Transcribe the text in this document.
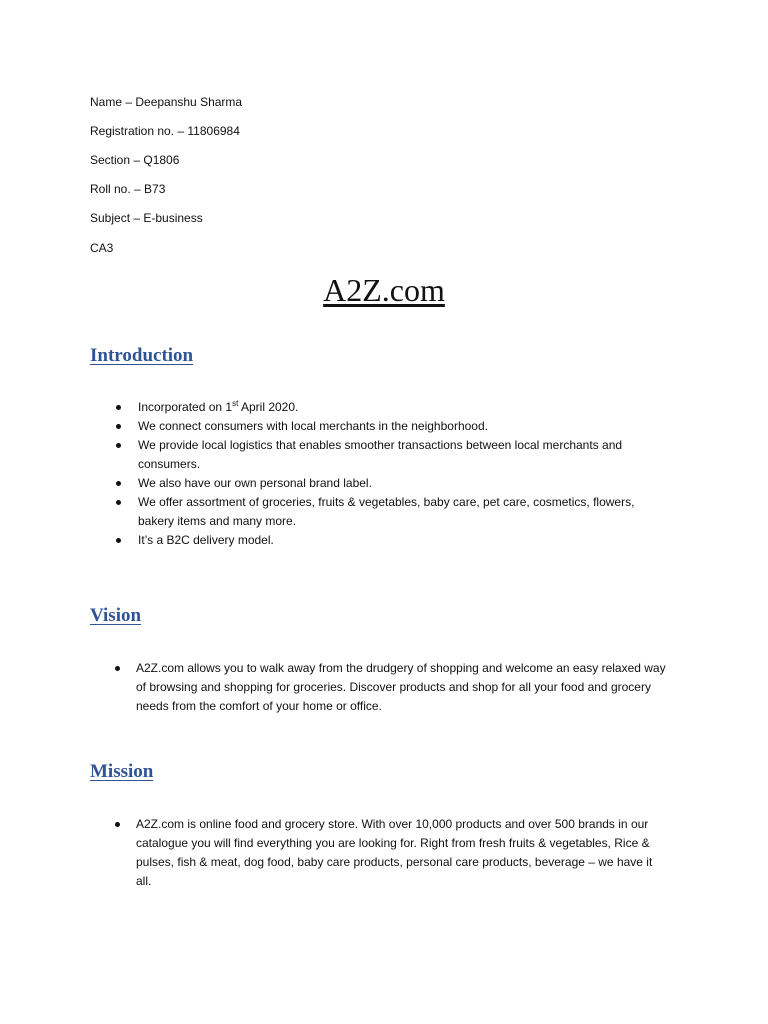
Name – Deepanshu Sharma
Registration no. – 11806984
Section – Q1806
Roll no. – B73
Subject – E-business
CA3
A2Z.com
Introduction
Incorporated on 1st April 2020.
We connect consumers with local merchants in the neighborhood.
We provide local logistics that enables smoother transactions between local merchants and consumers.
We also have our own personal brand label.
We offer assortment of groceries, fruits & vegetables, baby care, pet care, cosmetics, flowers, bakery items and many more.
It’s a B2C delivery model.
Vision
A2Z.com allows you to walk away from the drudgery of shopping and welcome an easy relaxed way of browsing and shopping for groceries. Discover products and shop for all your food and grocery needs from the comfort of your home or office.
Mission
A2Z.com is online food and grocery store. With over 10,000 products and over 500 brands in our catalogue you will find everything you are looking for. Right from fresh fruits & vegetables, Rice & pulses, fish & meat, dog food, baby care products, personal care products, beverage – we have it all.
